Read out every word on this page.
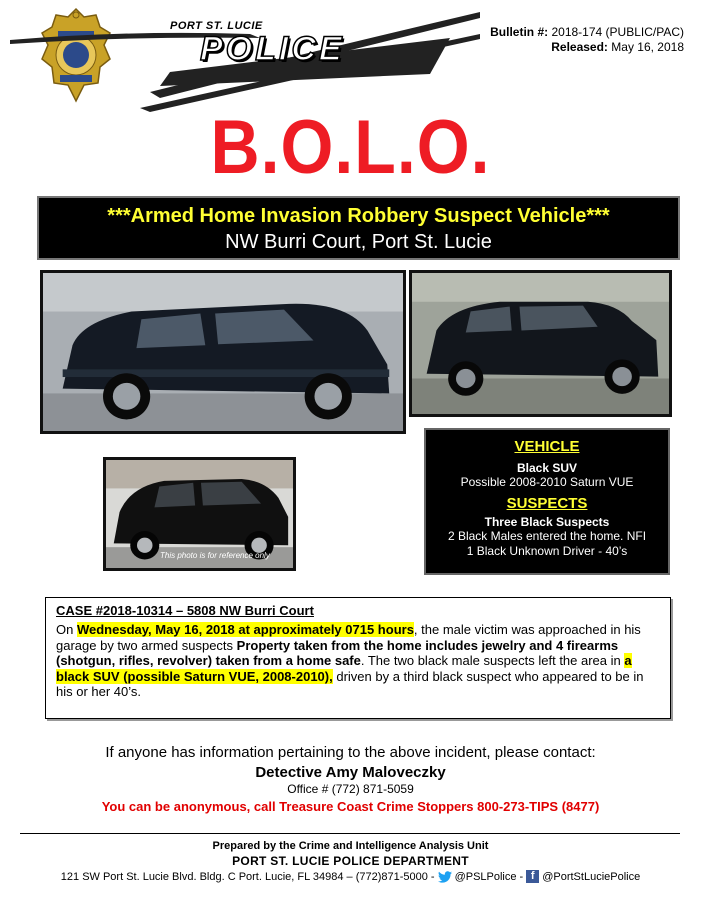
PORT ST. LUCIE
POLICE	Bulletin #: 2018-174 (PUBLIC/PAC)
Released: May 16, 2018
B.O.L.O.
***Armed Home Invasion Robbery Suspect Vehicle***
NW Burri Court, Port St. Lucie
This photo is for reference only
VEHICLE
Black SUV
Possible 2008-2010 Saturn VUE
SUSPECTS
Three Black Suspects
2 Black Males entered the home. NFI
1 Black Unknown Driver - 40’s
CASE #2018-10314 – 5808 NW Burri Court
On Wednesday, May 16, 2018 at approximately 0715 hours, the male victim was approached in his garage by two armed suspects Property taken from the home includes jewelry and 4 firearms (shotgun, rifles, revolver) taken from a home safe. The two black male suspects left the area in a black SUV (possible Saturn VUE, 2008-2010), driven by a third black suspect who appeared to be in his or her 40’s.
If anyone has information pertaining to the above incident, please contact:
Detective Amy Maloveczky
Office # (772) 871-5059
You can be anonymous, call Treasure Coast Crime Stoppers 800-273-TIPS (8477)
Prepared by the Crime and Intelligence Analysis Unit
PORT ST. LUCIE POLICE DEPARTMENT
121 SW Port St. Lucie Blvd. Bldg. C Port. Lucie, FL 34984 – (772)871-5000 - @PSLPolice - f @PortStLuciePolice
